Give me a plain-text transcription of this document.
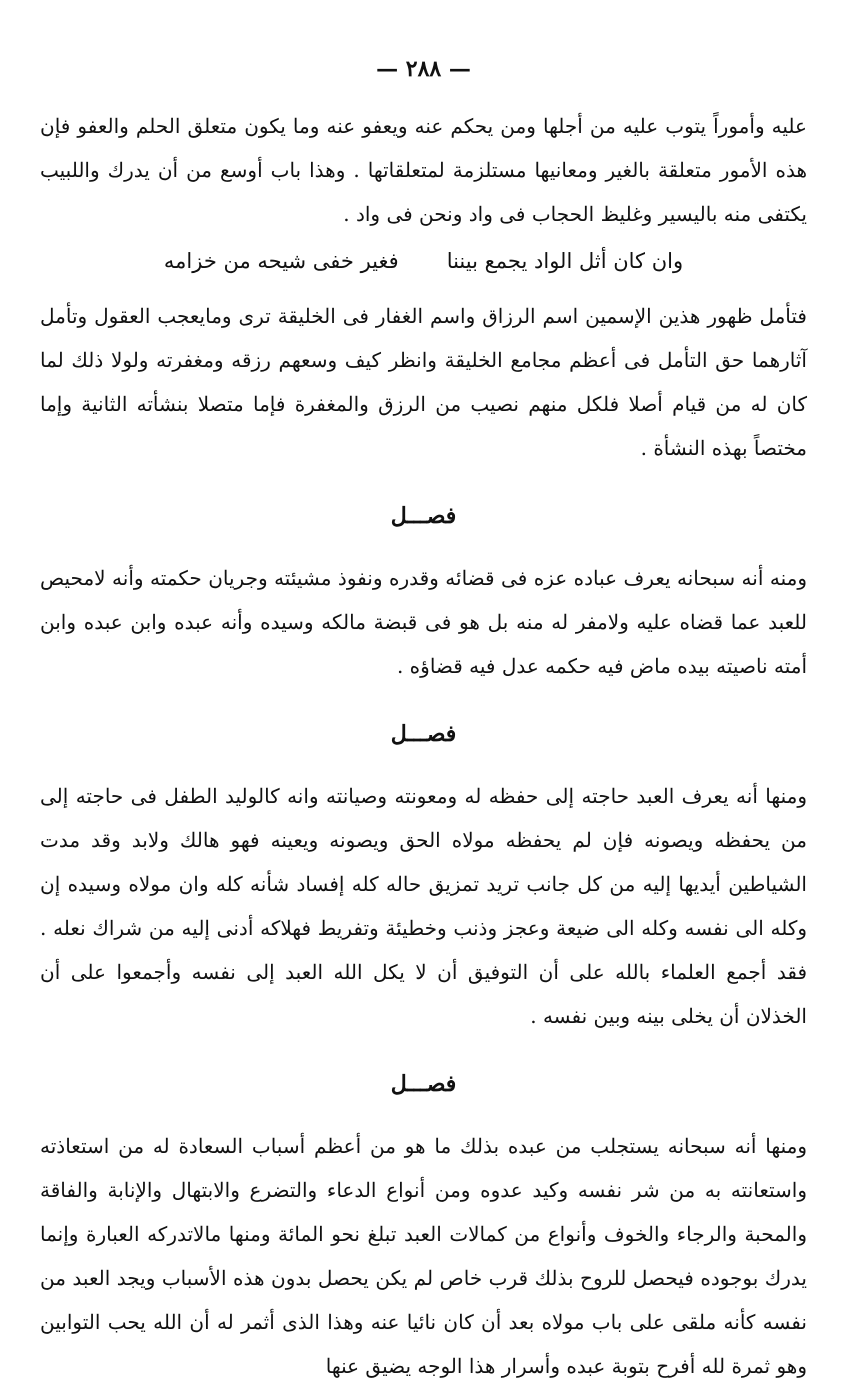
— ٢٨٨ —

عليه وأموراً يتوب عليه من أجلها ومن يحكم عنه ويعفو عنه وما يكون متعلق الحلم والعفو فإن هذه الأمور متعلقة بالغير ومعانيها مستلزمة لمتعلقاتها . وهذا باب أوسع من أن يدرك واللبيب يكتفى منه باليسير وغليظ الحجاب فى واد ونحن فى واد .

وان كان أثل الواد يجمع بيننا
فغير خفى شيحه من خزامه

فتأمل ظهور هذين الإسمين اسم الرزاق واسم الغفار فى الخليقة ترى ومايعجب العقول وتأمل آثارهما حق التأمل فى أعظم مجامع الخليقة وانظر كيف وسعهم رزقه ومغفرته ولولا ذلك لما كان له من قيام أصلا فلكل منهم نصيب من الرزق والمغفرة فإما متصلا بنشأته الثانية وإما مختصاً بهذه النشأة .

فصـــل

ومنه أنه سبحانه يعرف عباده عزه فى قضائه وقدره ونفوذ مشيئته وجريان حكمته وأنه لامحيص للعبد عما قضاه عليه ولامفر له منه بل هو فى قبضة مالكه وسيده وأنه عبده وابن عبده وابن أمته ناصيته بيده ماض فيه حكمه عدل فيه قضاؤه .

فصـــل

ومنها أنه يعرف العبد حاجته إلى حفظه له ومعونته وصيانته وانه كالوليد الطفل فى حاجته إلى من يحفظه ويصونه فإن لم يحفظه مولاه الحق ويصونه ويعينه فهو هالك ولابد وقد مدت الشياطين أيديها إليه من كل جانب تريد تمزيق حاله كله إفساد شأنه كله وان مولاه وسيده إن وكله الى نفسه وكله الى ضيعة وعجز وذنب وخطيئة وتفريط فهلاكه أدنى إليه من شراك نعله . فقد أجمع العلماء بالله على أن التوفيق أن لا يكل الله العبد إلى نفسه وأجمعوا على أن الخذلان أن يخلى بينه وبين نفسه .

فصـــل

ومنها أنه سبحانه يستجلب من عبده بذلك ما هو من أعظم أسباب السعادة له من استعاذته واستعانته به من شر نفسه وكيد عدوه ومن أنواع الدعاء والتضرع والابتهال والإنابة والفاقة والمحبة والرجاء والخوف وأنواع من كمالات العبد تبلغ نحو المائة ومنها مالاتدركه العبارة وإنما يدرك بوجوده فيحصل للروح بذلك قرب خاص لم يكن يحصل بدون هذه الأسباب ويجد العبد من نفسه كأنه ملقى على باب مولاه بعد أن كان نائيا عنه وهذا الذى أثمر له أن الله يحب التوابين وهو ثمرة لله أفرح بتوبة عبده وأسرار هذا الوجه يضيق عنها
